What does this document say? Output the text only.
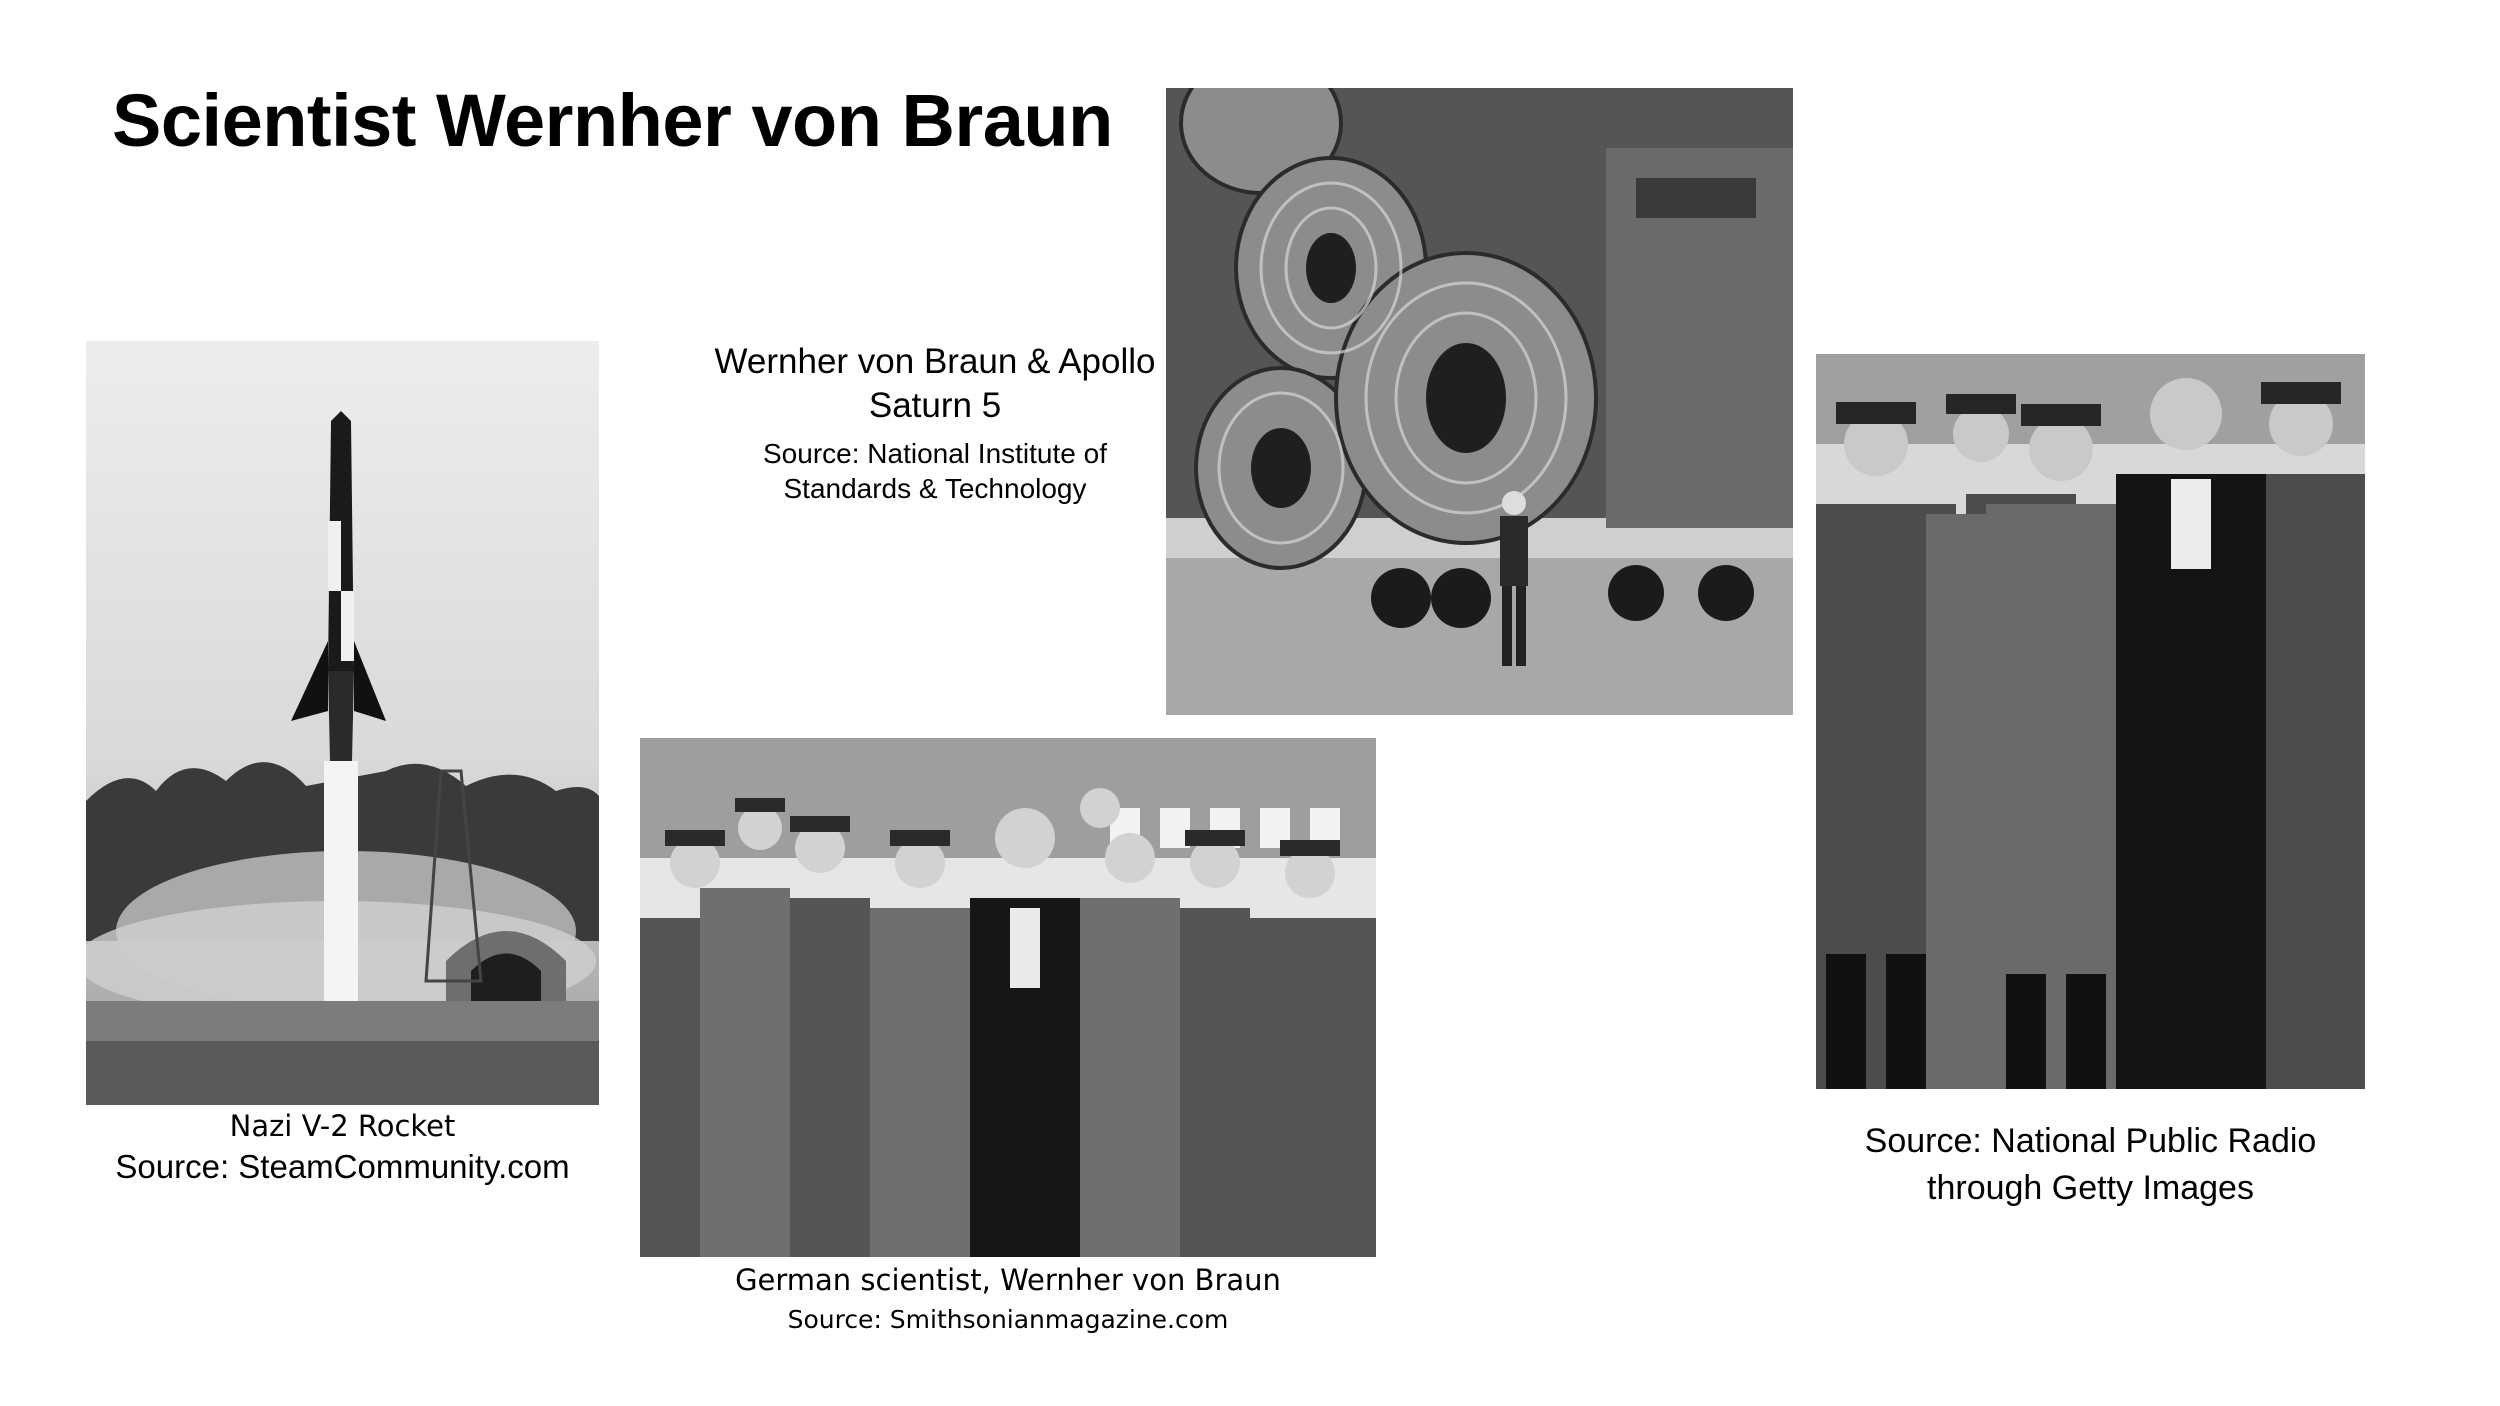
Scientist Wernher von Braun
Nazi V-2 Rocket
Source: SteamCommunity.com
Wernher von Braun & Apollo
Saturn 5
Source: National Institute of
Standards & Technology
German scientist, Wernher von Braun
Source: Smithsonianmagazine.com
Source: National Public Radio
through Getty Images
